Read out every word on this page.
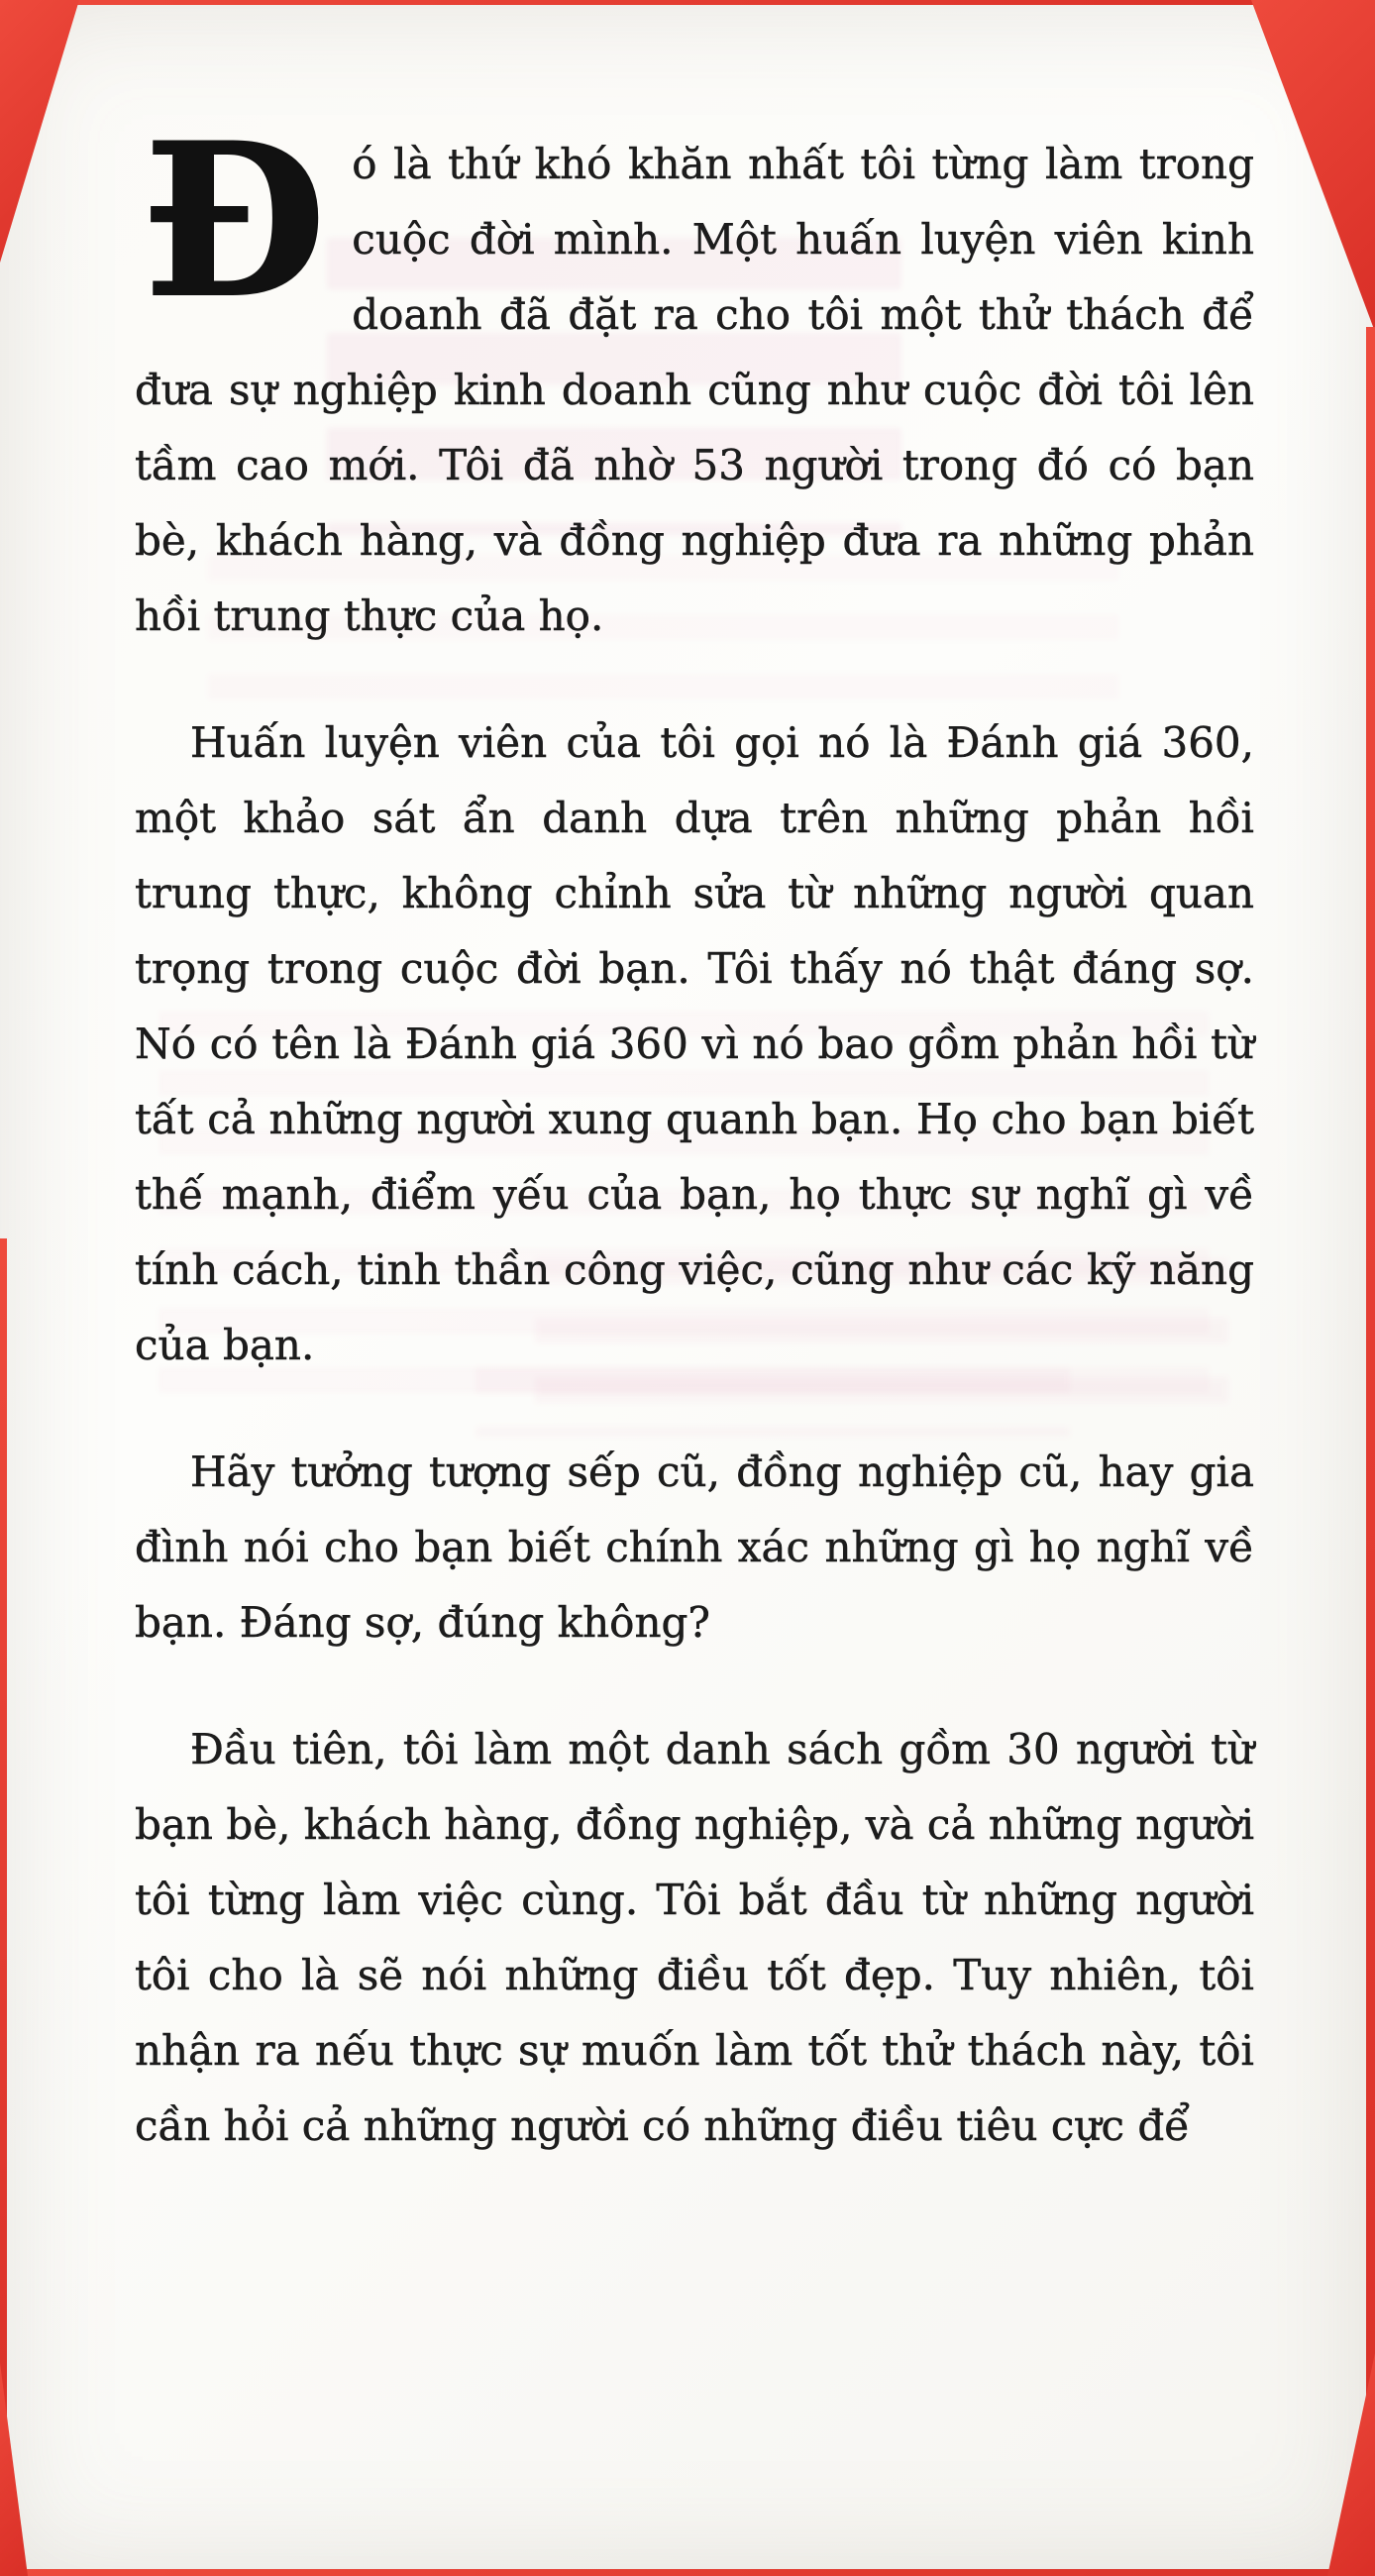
Đó là thứ khó khăn nhất tôi từng làm trong cuộc đời mình. Một huấn luyện viên kinh doanh đã đặt ra cho tôi một thử thách để đưa sự nghiệp kinh doanh cũng như cuộc đời tôi lên tầm cao mới. Tôi đã nhờ 53 người trong đó có bạn bè, khách hàng, và đồng nghiệp đưa ra những phản hồi trung thực của họ.

Huấn luyện viên của tôi gọi nó là Đánh giá 360, một khảo sát ẩn danh dựa trên những phản hồi trung thực, không chỉnh sửa từ những người quan trọng trong cuộc đời bạn. Tôi thấy nó thật đáng sợ. Nó có tên là Đánh giá 360 vì nó bao gồm phản hồi từ tất cả những người xung quanh bạn. Họ cho bạn biết thế mạnh, điểm yếu của bạn, họ thực sự nghĩ gì về tính cách, tinh thần công việc, cũng như các kỹ năng của bạn.

Hãy tưởng tượng sếp cũ, đồng nghiệp cũ, hay gia đình nói cho bạn biết chính xác những gì họ nghĩ về bạn. Đáng sợ, đúng không?

Đầu tiên, tôi làm một danh sách gồm 30 người từ bạn bè, khách hàng, đồng nghiệp, và cả những người tôi từng làm việc cùng. Tôi bắt đầu từ những người tôi cho là sẽ nói những điều tốt đẹp. Tuy nhiên, tôi nhận ra nếu thực sự muốn làm tốt thử thách này, tôi cần hỏi cả những người có những điều tiêu cực để
